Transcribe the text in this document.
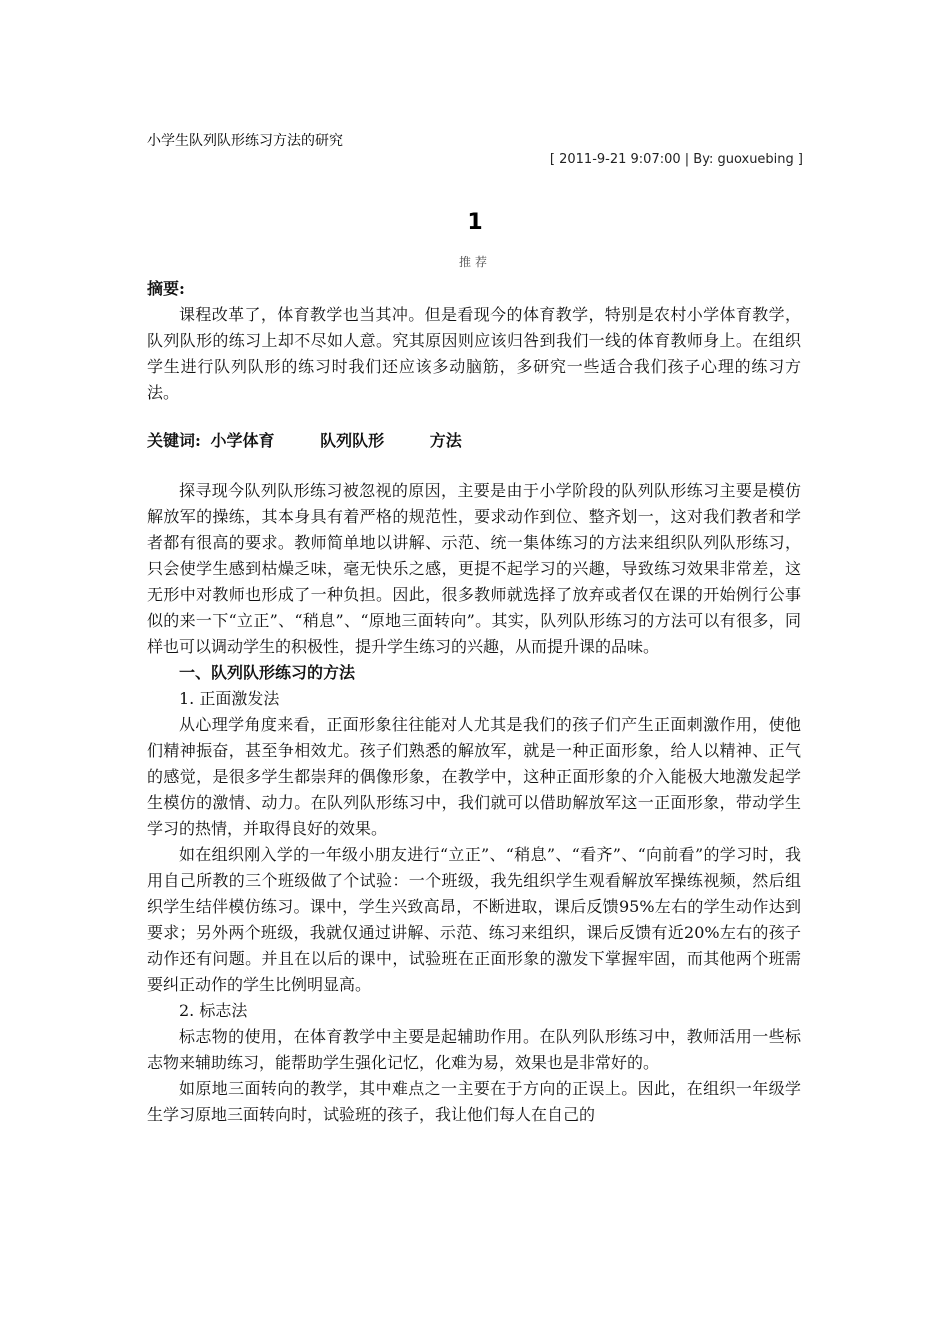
小学生队列队形练习方法的研究
[ 2011-9-21 9:07:00 | By: guoxuebing ]
1
推荐

摘要:

课程改革了，体育教学也当其冲。但是看现今的体育教学，特别是农村小学体育教学，队列队形的练习上却不尽如人意。究其原因则应该归咎到我们一线的体育教师身上。在组织学生进行队列队形的练习时我们还应该多动脑筋，多研究一些适合我们孩子心理的练习方法。

关键词: 小学体育	队列队形	方法

探寻现今队列队形练习被忽视的原因，主要是由于小学阶段的队列队形练习主要是模仿解放军的操练，其本身具有着严格的规范性，要求动作到位、整齐划一，这对我们教者和学者都有很高的要求。教师简单地以讲解、示范、统一集体练习的方法来组织队列队形练习，只会使学生感到枯燥乏味，毫无快乐之感，更提不起学习的兴趣，导致练习效果非常差，这无形中对教师也形成了一种负担。因此，很多教师就选择了放弃或者仅在课的开始例行公事似的来一下“立正”、“稍息”、“原地三面转向”。其实，队列队形练习的方法可以有很多，同样也可以调动学生的积极性，提升学生练习的兴趣，从而提升课的品味。

一、队列队形练习的方法

1. 正面激发法

从心理学角度来看，正面形象往往能对人尤其是我们的孩子们产生正面刺激作用，使他们精神振奋，甚至争相效尤。孩子们熟悉的解放军，就是一种正面形象，给人以精神、正气的感觉，是很多学生都崇拜的偶像形象，在教学中，这种正面形象的介入能极大地激发起学生模仿的激情、动力。在队列队形练习中，我们就可以借助解放军这一正面形象，带动学生学习的热情，并取得良好的效果。

如在组织刚入学的一年级小朋友进行“立正”、“稍息”、“看齐”、“向前看”的学习时，我用自己所教的三个班级做了个试验：一个班级，我先组织学生观看解放军操练视频，然后组织学生结伴模仿练习。课中，学生兴致高昂，不断进取，课后反馈95%左右的学生动作达到要求；另外两个班级，我就仅通过讲解、示范、练习来组织，课后反馈有近20%左右的孩子动作还有问题。并且在以后的课中，试验班在正面形象的激发下掌握牢固，而其他两个班需要纠正动作的学生比例明显高。

2. 标志法

标志物的使用，在体育教学中主要是起辅助作用。在队列队形练习中，教师活用一些标志物来辅助练习，能帮助学生强化记忆，化难为易，效果也是非常好的。

如原地三面转向的教学，其中难点之一主要在于方向的正误上。因此，在组织一年级学生学习原地三面转向时，试验班的孩子，我让他们每人在自己的
